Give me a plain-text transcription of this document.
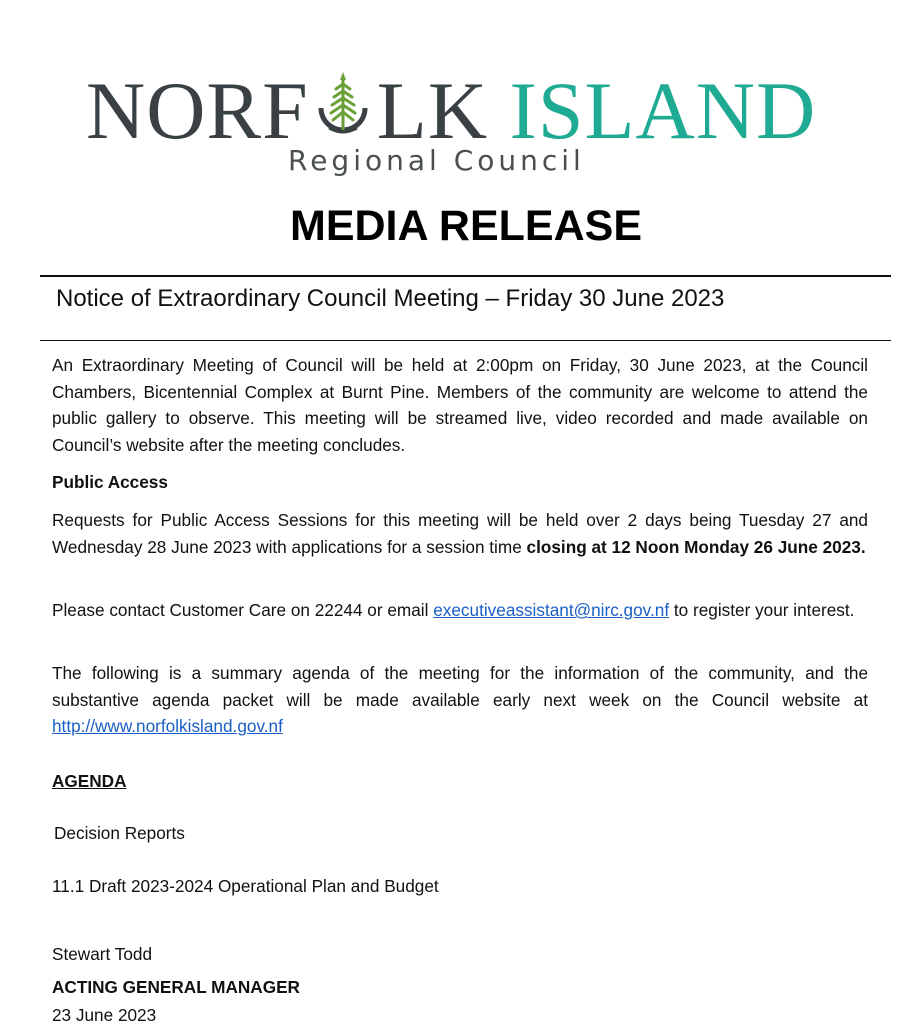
NORF LK ISLAND
Regional Council
MEDIA RELEASE
Notice of Extraordinary Council Meeting – Friday 30 June 2023
An Extraordinary Meeting of Council will be held at 2:00pm on Friday, 30 June 2023, at the Council Chambers, Bicentennial Complex at Burnt Pine. Members of the community are welcome to attend the public gallery to observe. This meeting will be streamed live, video recorded and made available on Council’s website after the meeting concludes.
Public Access
Requests for Public Access Sessions for this meeting will be held over 2 days being Tuesday 27 and Wednesday 28 June 2023 with applications for a session time closing at 12 Noon Monday 26 June 2023.
Please contact Customer Care on 22244 or email executiveassistant@nirc.gov.nf to register your interest.
The following is a summary agenda of the meeting for the information of the community, and the substantive agenda packet will be made available early next week on the Council website at http://www.norfolkisland.gov.nf
AGENDA
Decision Reports
11.1 Draft 2023-2024 Operational Plan and Budget
Stewart Todd
ACTING GENERAL MANAGER
23 June 2023
